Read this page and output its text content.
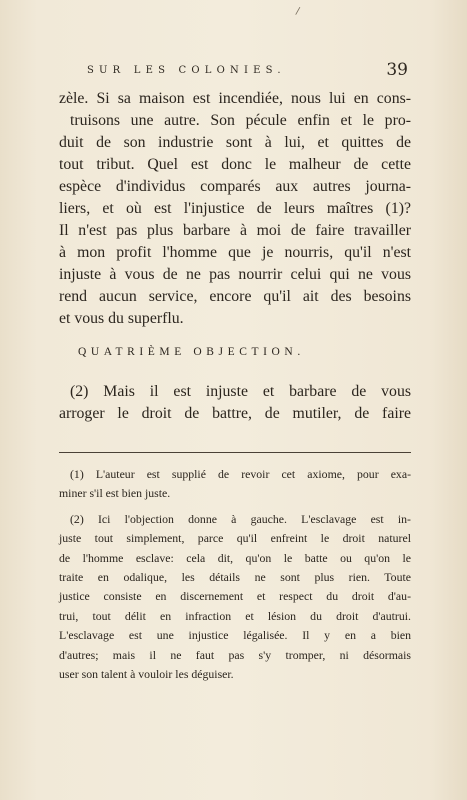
/
SUR LES COLONIES.	39
zèle. Si sa maison est incendiée, nous lui en cons-
truisons une autre. Son pécule enfin et le pro-
duit de son industrie sont à lui, et quittes de
tout tribut. Quel est donc le malheur de cette
espèce d'individus comparés aux autres journa-
liers, et où est l'injustice de leurs maîtres (1)?
Il n'est pas plus barbare à moi de faire travailler
à mon profit l'homme que je nourris, qu'il n'est
injuste à vous de ne pas nourrir celui qui ne vous
rend aucun service, encore qu'il ait des besoins
et vous du superflu.
QUATRIÈME OBJECTION.
(2) Mais il est injuste et barbare de vous
arroger le droit de battre, de mutiler, de faire
(1) L'auteur est supplié de revoir cet axiome, pour exa-
miner s'il est bien juste.
(2) Ici l'objection donne à gauche. L'esclavage est in-
juste tout simplement, parce qu'il enfreint le droit naturel
de l'homme esclave: cela dit, qu'on le batte ou qu'on le
traite en odalique, les détails ne sont plus rien. Toute
justice consiste en discernement et respect du droit d'au-
trui, tout délit en infraction et lésion du droit d'autrui.
L'esclavage est une injustice légalisée. Il y en a bien
d'autres; mais il ne faut pas s'y tromper, ni désormais
user son talent à vouloir les déguiser.
